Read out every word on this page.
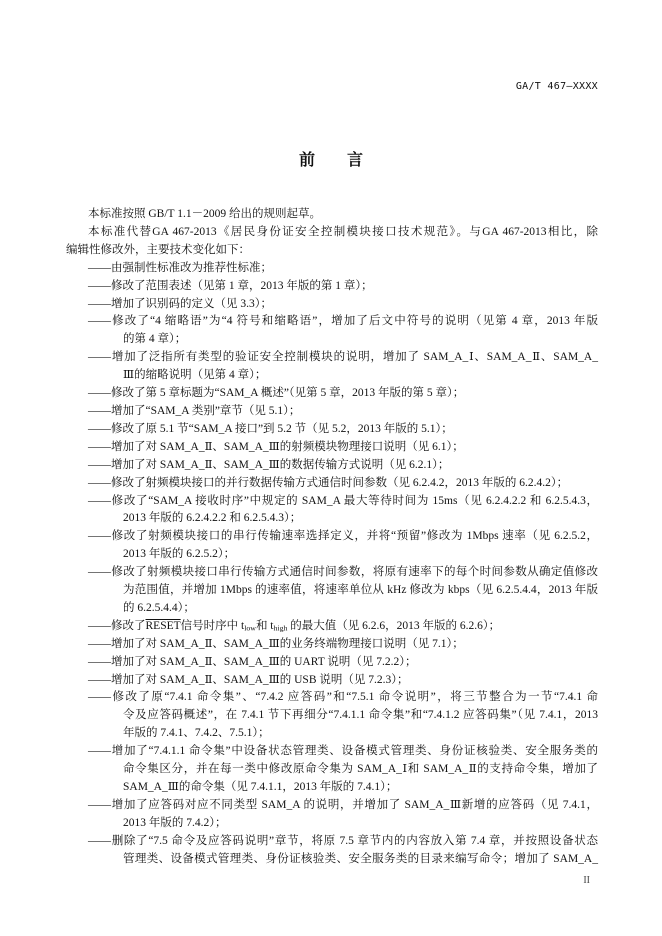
GA/T 467—XXXX
前　　言
本标准按照 GB/T 1.1－2009 给出的规则起草。
本标准代替GA 467-2013《居民身份证安全控制模块接口技术规范》。与GA 467-2013相比，除
编辑性修改外，主要技术变化如下：
——由强制性标准改为推荐性标准；
——修改了范围表述（见第 1 章，2013 年版的第 1 章）；
——增加了识别码的定义（见 3.3）；
——修改了“4 缩略语”为“4 符号和缩略语”，增加了后文中符号的说明（见第 4 章，2013 年版
的第 4 章）；
——增加了泛指所有类型的验证安全控制模块的说明，增加了 SAM_A_Ⅰ、SAM_A_Ⅱ、SAM_A_
Ⅲ的缩略说明（见第 4 章）；
——修改了第 5 章标题为“SAM_A 概述”（见第 5 章，2013 年版的第 5 章）；
——增加了“SAM_A 类别”章节（见 5.1）；
——修改了原 5.1 节“SAM_A 接口”到 5.2 节（见 5.2，2013 年版的 5.1）；
——增加了对 SAM_A_Ⅱ、SAM_A_Ⅲ的射频模块物理接口说明（见 6.1）；
——增加了对 SAM_A_Ⅱ、SAM_A_Ⅲ的数据传输方式说明（见 6.2.1）；
——修改了射频模块接口的并行数据传输方式通信时间参数（见 6.2.4.2，2013 年版的 6.2.4.2）；
——修改了“SAM_A 接收时序”中规定的 SAM_A 最大等待时间为 15ms（见 6.2.4.2.2 和 6.2.5.4.3，
2013 年版的 6.2.4.2.2 和 6.2.5.4.3）；
——修改了射频模块接口的串行传输速率选择定义，并将“预留”修改为 1Mbps 速率（见 6.2.5.2，
2013 年版的 6.2.5.2）；
——修改了射频模块接口串行传输方式通信时间参数，将原有速率下的每个时间参数从确定值修改
为范围值，并增加 1Mbps 的速率值，将速率单位从 kHz 修改为 kbps（见 6.2.5.4.4，2013 年版
的 6.2.5.4.4）；
——修改了RESET信号时序中 $t_{low}$和 $t_{high}$ 的最大值（见 6.2.6，2013 年版的 6.2.6）；
——增加了对 SAM_A_Ⅱ、SAM_A_Ⅲ的业务终端物理接口说明（见 7.1）；
——增加了对 SAM_A_Ⅱ、SAM_A_Ⅲ的 UART 说明（见 7.2.2）；
——增加了对 SAM_A_Ⅱ、SAM_A_Ⅲ的 USB 说明（见 7.2.3）；
——修改了原“7.4.1 命令集”、“7.4.2 应答码”和“7.5.1 命令说明”，将三节整合为一节“7.4.1 命
令及应答码概述”，在 7.4.1 节下再细分“7.4.1.1 命令集”和“7.4.1.2 应答码集”（见 7.4.1，2013
年版的 7.4.1、7.4.2、7.5.1）；
——增加了“7.4.1.1 命令集”中设备状态管理类、设备模式管理类、身份证核验类、安全服务类的
命令集区分，并在每一类中修改原命令集为 SAM_A_Ⅰ和 SAM_A_Ⅱ的支持命令集，增加了
SAM_A_Ⅲ的命令集（见 7.4.1.1，2013 年版的 7.4.1）；
——增加了应答码对应不同类型 SAM_A 的说明，并增加了 SAM_A_Ⅲ新增的应答码（见 7.4.1，
2013 年版的 7.4.2）；
——删除了“7.5 命令及应答码说明”章节，将原 7.5 章节内的内容放入第 7.4 章，并按照设备状态
管理类、设备模式管理类、身份证核验类、安全服务类的目录来编写命令；增加了 SAM_A_
II
